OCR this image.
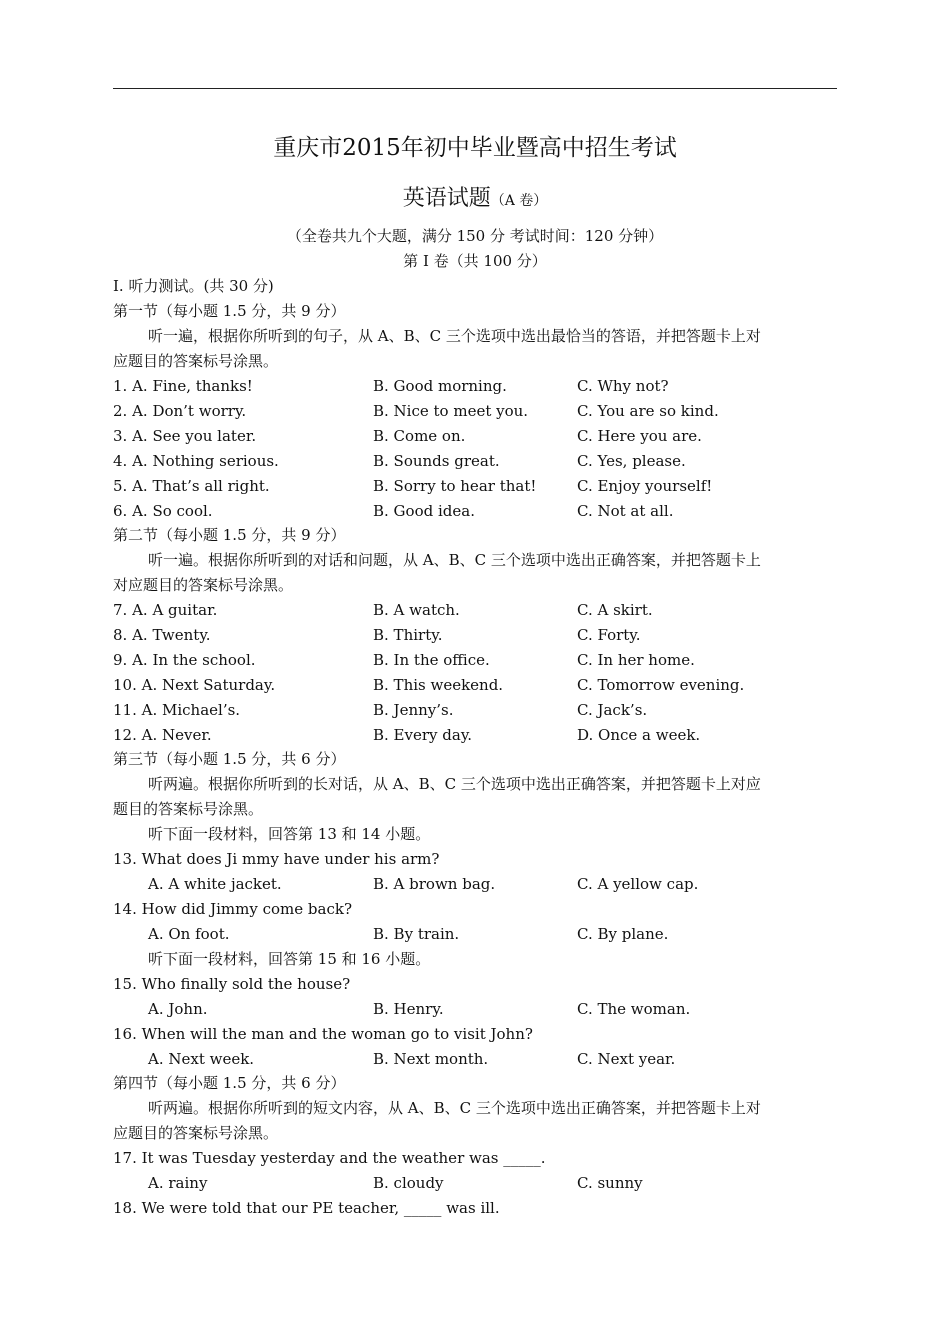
重庆市2015年初中毕业暨高中招生考试
英语试题（A 卷）
（全卷共九个大题，满分 150 分 考试时间：120 分钟）
第 I 卷（共 100 分）
I. 听力测试。(共 30 分)
第一节（每小题 1.5 分，共 9 分）
听一遍，根据你所听到的句子，从 A、B、C 三个选项中选出最恰当的答语，并把答题卡上对
应题目的答案标号涂黑。
1. A. Fine, thanks!	B. Good morning.	C. Why not?
2. A. Don’t worry.	B. Nice to meet you.	C. You are so kind.
3. A. See you later.	B. Come on.	C. Here you are.
4. A. Nothing serious.	B. Sounds great.	C. Yes, please.
5. A. That’s all right.	B. Sorry to hear that!	C. Enjoy yourself!
6. A. So cool.	B. Good idea.	C. Not at all.
第二节（每小题 1.5 分，共 9 分）
听一遍。根据你所听到的对话和问题，从 A、B、C 三个选项中选出正确答案，并把答题卡上
对应题目的答案标号涂黑。
7. A. A guitar.	B. A watch.	C. A skirt.
8. A. Twenty.	B. Thirty.	C. Forty.
9. A. In the school.	B. In the office.	C. In her home.
10. A. Next Saturday.	B. This weekend.	C. Tomorrow evening.
11. A. Michael’s.	B. Jenny’s.	C. Jack’s.
12. A. Never.	B. Every day.	D. Once a week.
第三节（每小题 1.5 分，共 6 分）
听两遍。根据你所听到的长对话，从 A、B、C 三个选项中选出正确答案，并把答题卡上对应
题目的答案标号涂黑。
听下面一段材料，回答第 13 和 14 小题。
13. What does Ji mmy have under his arm?
A. A white jacket.	B. A brown bag.	C. A yellow cap.
14. How did Jimmy come back?
A. On foot.	B. By train.	C. By plane.
听下面一段材料，回答第 15 和 16 小题。
15. Who finally sold the house?
A. John.	B. Henry.	C. The woman.
16. When will the man and the woman go to visit John?
A. Next week.	B. Next month.	C. Next year.
第四节（每小题 1.5 分，共 6 分）
听两遍。根据你所听到的短文内容，从 A、B、C 三个选项中选出正确答案，并把答题卡上对
应题目的答案标号涂黑。
17. It was Tuesday yesterday and the weather was _____.
A. rainy	B. cloudy	C. sunny
18. We were told that our PE teacher, _____ was ill.
